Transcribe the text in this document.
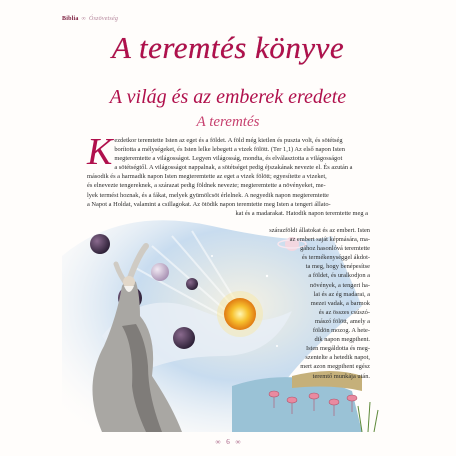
Biblia ∞ Ószövetség
A teremtés könyve
A világ és az emberek eredete
A teremtés
K ezdetkor teremtette Isten az eget és a földet. A föld még kietlen és puszta volt, és sötétség
borította a mélységeket, és Isten lelke lebegett a vizek fölött. (Ter 1,1) Az első napon Isten
megteremtette a világosságot. Legyen világosság, mondta, és elválasztotta a világosságot
a sötétségtől. A világosságot nappalnak, a sötétséget pedig éjszakának nevezte el. És azután a
második és a harmadik napon Isten megteremtette az eget a vizek fölött; egyesítette a vizeket,
és elnevezte tengereknek, a szárazat pedig földnek nevezte; megteremtette a növényeket, me-
lyek termést hoznak, és a fákat, melyek gyümölcsöt érlelnek. A negyedik napon megteremtette
a Napot a Holdat, valamint a csillagokat. Az ötödik napon teremtette meg Isten a tengeri állato-
kat és a madarakat. Hatodik napon teremtette meg a
szárazföldi állatokat és az embert. Isten
az embert saját képmására, ma-
gához hasonlóvá teremtette
és termékenységgel ákdot-
ta meg, hogy benépesítse
a földet, és uralkodjon a
növények, a tengeri ha-
lai és az ég madarai, a
mezei vadak, a barmok
és az összes csúszó-
mászó fölött, amely a
földön mozog. A hete-
dik napon megpihent.
Isten megáldotta és meg-
szentelte a hetedik napot,
mert azon megpihent egész
teremtő munkája után.
∞ 6 ∞
